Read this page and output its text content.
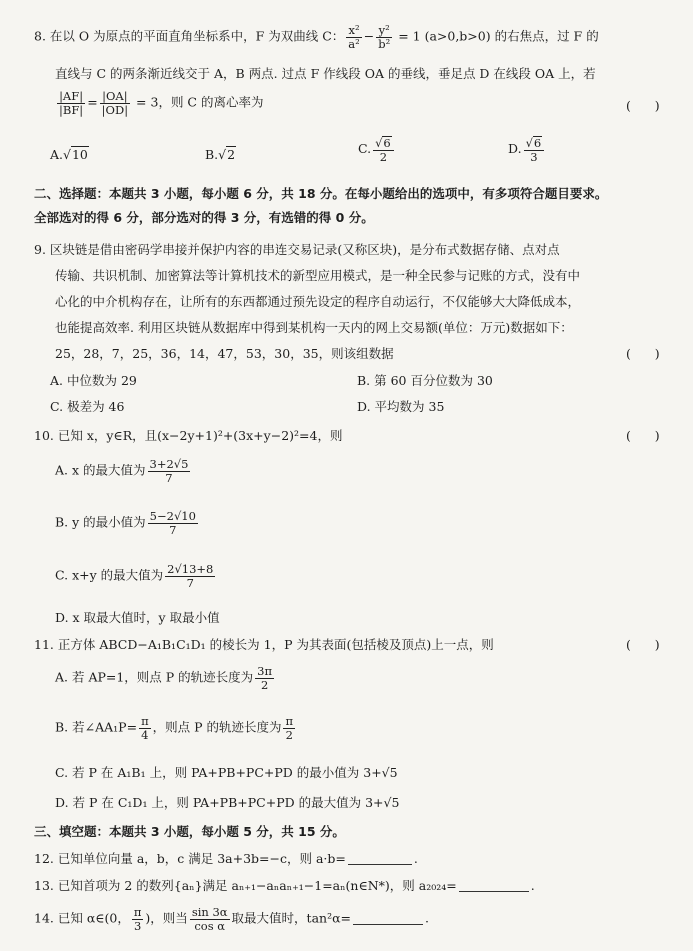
8. 在以 O 为原点的平面直角坐标系中，F 为双曲线 C： $\frac{\text{x²}}{\text{a²}} - \frac{\text{y²}}{\text{b²}} = 1$ (a>0,b>0) 的右焦点，过 F 的
直线与 C 的两条渐近线交于 A，B 两点. 过点 F 作线段 OA 的垂线，垂足点 D 在线段 OA 上，若
$\frac{|AF|}{|BF|} = \frac{|OA|}{|OD|} = 3$，则 C 的离心率为	(      )
A.√10	B.√2	C. $\frac{√6}{2}$	D. $\frac{√6}{3}$
二、选择题：本题共 3 小题，每小题 6 分，共 18 分。在每小题给出的选项中，有多项符合题目要求。
全部选对的得 6 分，部分选对的得 3 分，有选错的得 0 分。
9. 区块链是借由密码学串接并保护内容的串连交易记录(又称区块)，是分布式数据存储、点对点
传输、共识机制、加密算法等计算机技术的新型应用模式，是一种全民参与记账的方式，没有中
心化的中介机构存在，让所有的东西都通过预先设定的程序自动运行，不仅能够大大降低成本，
也能提高效率. 利用区块链从数据库中得到某机构一天内的网上交易额(单位：万元)数据如下：
25，28，7，25，36，14，47，53，30，35，则该组数据	(      )
A. 中位数为 29	B. 第 60 百分位数为 30
C. 极差为 46	D. 平均数为 35
10. 已知 x，y∈R，且(x−2y+1)²+(3x+y−2)²=4，则	(      )
A. x 的最大值为 $\frac{3+2√5}{7}$
B. y 的最小值为 $\frac{5-2√10}{7}$
C. x+y 的最大值为 $\frac{2√13+8}{7}$
D. x 取最大值时，y 取最小值
11. 正方体 ABCD−A₁B₁C₁D₁ 的棱长为 1，P 为其表面(包括棱及顶点)上一点，则	(      )
A. 若 AP=1，则点 P 的轨迹长度为 $\frac{3\pi}{2}$
B. 若∠AA₁P= $\frac{\pi}{4}$ ，则点 P 的轨迹长度为 $\frac{\pi}{2}$
C. 若 P 在 A₁B₁ 上，则 PA+PB+PC+PD 的最小值为 3+√5
D. 若 P 在 C₁D₁ 上，则 PA+PB+PC+PD 的最大值为 3+√5
三、填空题：本题共 3 小题，每小题 5 分，共 15 分。
12. 已知单位向量 a，b，c 满足 3a+3b=−c，则 a·b=	.
13. 已知首项为 2 的数列{aₙ}满足 aₙ₊₁−aₙaₙ₊₁−1=aₙ(n∈N*)，则 a₂₀₂₄=	.
14. 已知 α∈(0， $\frac{\pi}{3}$ )，则当 $\frac{\sin 3\alpha}{\text{cos α}}$ 取最大值时，tan²α=	.
